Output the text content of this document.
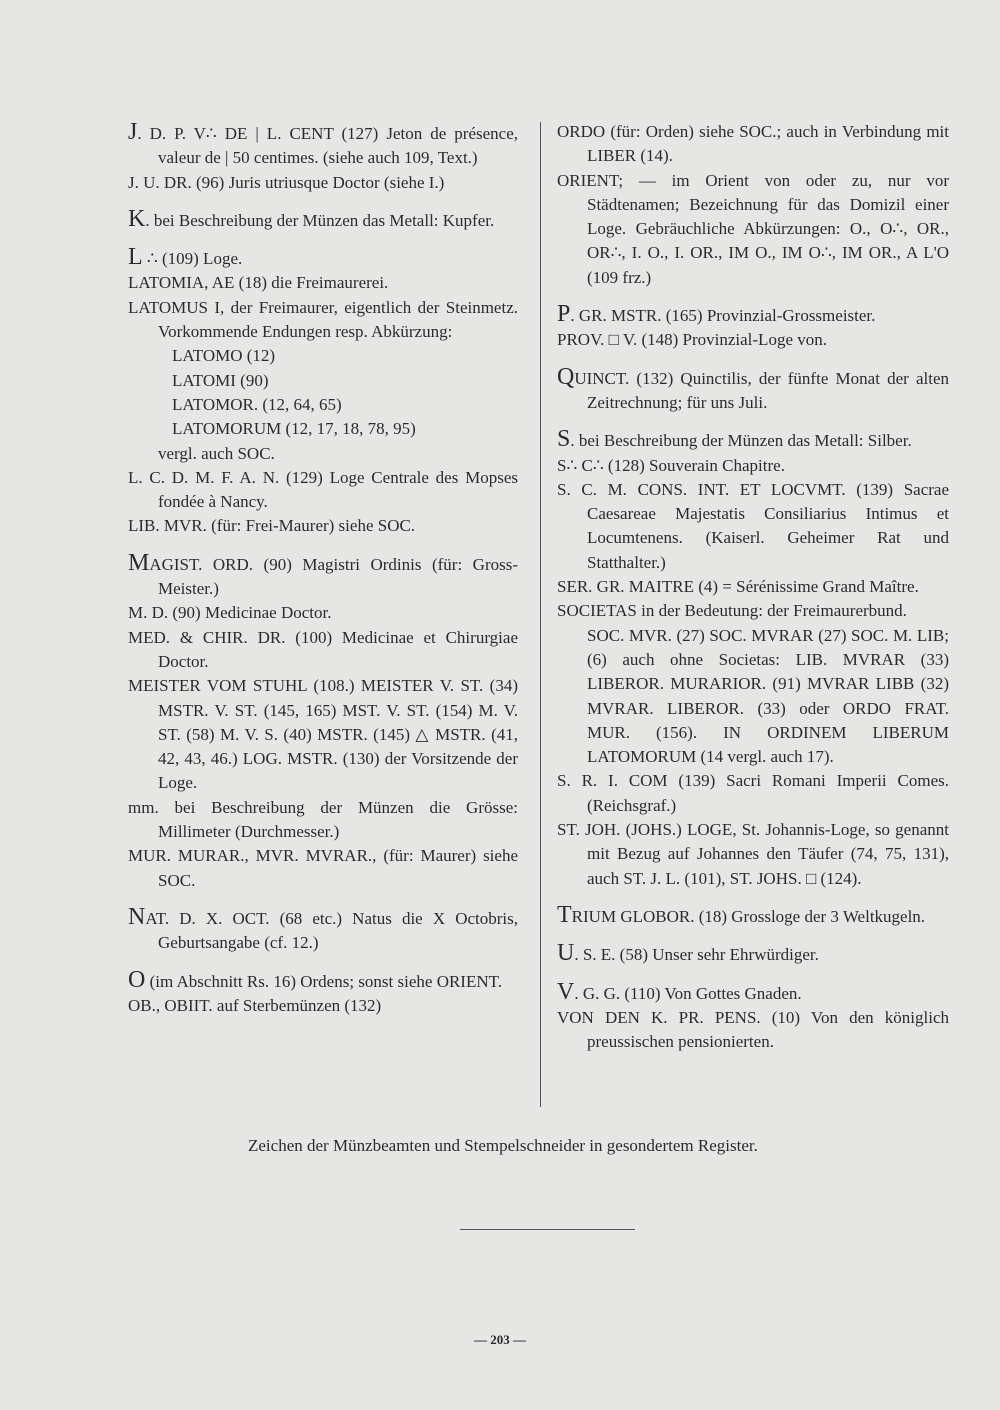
J. D. P. V∴ DE | L. CENT (127) Jeton de présence, valeur de | 50 centimes. (siehe auch 109, Text.)

J. U. DR. (96) Juris utriusque Doctor (siehe I.)

K. bei Beschreibung der Münzen das Metall: Kupfer.

L ∴ (109) Loge.

LATOMIA, AE (18) die Freimaurerei.

LATOMUS I, der Freimaurer, eigentlich der Steinmetz. Vorkommende Endungen resp. Abkürzung:

LATOMO (12)

LATOMI (90)

LATOMOR. (12, 64, 65)

LATOMORUM (12, 17, 18, 78, 95)

vergl. auch SOC.

L. C. D. M. F. A. N. (129) Loge Centrale des Mopses fondée à Nancy.

LIB. MVR. (für: Frei-Maurer) siehe SOC.

MAGIST. ORD. (90) Magistri Ordinis (für: Gross-Meister.)

M. D. (90) Medicinae Doctor.

MED. & CHIR. DR. (100) Medicinae et Chirurgiae Doctor.

MEISTER VOM STUHL (108.) MEISTER V. ST. (34) MSTR. V. ST. (145, 165) MST. V. ST. (154) M. V. ST. (58) M. V. S. (40) MSTR. (145) △ MSTR. (41, 42, 43, 46.) LOG. MSTR. (130) der Vorsitzende der Loge.

mm. bei Beschreibung der Münzen die Grösse: Millimeter (Durchmesser.)

MUR. MURAR., MVR. MVRAR., (für: Maurer) siehe SOC.

NAT. D. X. OCT. (68 etc.) Natus die X Octobris, Geburtsangabe (cf. 12.)

O (im Abschnitt Rs. 16) Ordens; sonst siehe ORIENT.

OB., OBIIT. auf Sterbemünzen (132)

ORDO (für: Orden) siehe SOC.; auch in Verbindung mit LIBER (14).

ORIENT; — im Orient von oder zu, nur vor Städtenamen; Bezeichnung für das Domizil einer Loge. Gebräuchliche Abkürzungen: O., O∴, OR., OR∴, I. O., I. OR., IM O., IM O∴, IM OR., A L'O (109 frz.)

P. GR. MSTR. (165) Provinzial-Grossmeister.

PROV. □ V. (148) Provinzial-Loge von.

QUINCT. (132) Quinctilis, der fünfte Monat der alten Zeitrechnung; für uns Juli.

S. bei Beschreibung der Münzen das Metall: Silber.

S∴ C∴ (128) Souverain Chapitre.

S. C. M. CONS. INT. ET LOCVMT. (139) Sacrae Caesareae Majestatis Consiliarius Intimus et Locumtenens. (Kaiserl. Geheimer Rat und Statthalter.)

SER. GR. MAITRE (4) = Sérénissime Grand Maître.

SOCIETAS in der Bedeutung: der Freimaurerbund.

SOC. MVR. (27) SOC. MVRAR (27) SOC. M. LIB; (6) auch ohne Societas: LIB. MVRAR (33) LIBEROR. MURARIOR. (91) MVRAR LIBB (32) MVRAR. LIBEROR. (33) oder ORDO FRAT. MUR. (156). IN ORDINEM LIBERUM LATOMORUM (14 vergl. auch 17).

S. R. I. COM (139) Sacri Romani Imperii Comes. (Reichsgraf.)

ST. JOH. (JOHS.) LOGE, St. Johannis-Loge, so genannt mit Bezug auf Johannes den Täufer (74, 75, 131), auch ST. J. L. (101), ST. JOHS. □ (124).

TRIUM GLOBOR. (18) Grossloge der 3 Weltkugeln.

U. S. E. (58) Unser sehr Ehrwürdiger.

V. G. G. (110) Von Gottes Gnaden.

VON DEN K. PR. PENS. (10) Von den königlich preussischen pensionierten.

Zeichen der Münzbeamten und Stempelschneider in gesondertem Register.
— 203 —
